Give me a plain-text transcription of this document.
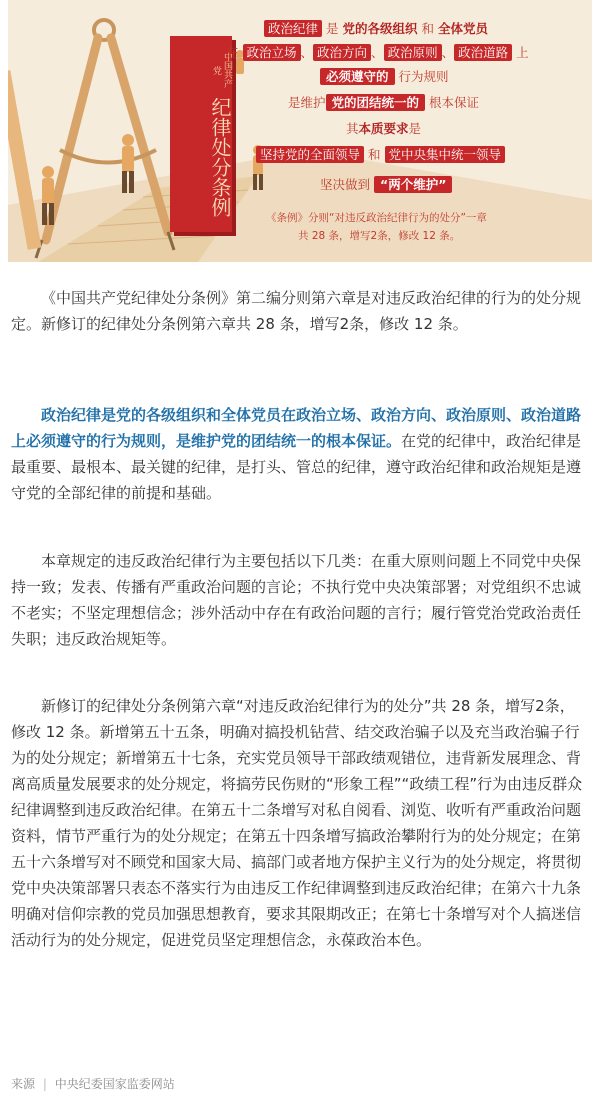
中国共产党
纪律处分条例
政治纪律 是 党的各级组织 和 全体党员
在 政治立场 、 政治方向 、 政治原则 、 政治道路 上
必须遵守的 行为规则
是维护 党的团结统一的 根本保证
其本质要求是
坚持党的全面领导 和 党中央集中统一领导
坚决做到 “两个维护”
《条例》分则“对违反政治纪律行为的处分”一章
共 28 条，增写2条，修改 12 条。

《中国共产党纪律处分条例》第二编分则第六章是对违反政治纪律的行为的处分规定。新修订的纪律处分条例第六章共 28 条，增写2条，修改 12 条。

政治纪律是党的各级组织和全体党员在政治立场、政治方向、政治原则、政治道路上必须遵守的行为规则，是维护党的团结统一的根本保证。在党的纪律中，政治纪律是最重要、最根本、最关键的纪律，是打头、管总的纪律，遵守政治纪律和政治规矩是遵守党的全部纪律的前提和基础。

本章规定的违反政治纪律行为主要包括以下几类：在重大原则问题上不同党中央保持一致；发表、传播有严重政治问题的言论；不执行党中央决策部署；对党组织不忠诚不老实；不坚定理想信念；涉外活动中存在有政治问题的言行；履行管党治党政治责任失职；违反政治规矩等。

新修订的纪律处分条例第六章“对违反政治纪律行为的处分”共 28 条，增写2条，修改 12 条。新增第五十五条，明确对搞投机钻营、结交政治骗子以及充当政治骗子行为的处分规定；新增第五十七条，充实党员领导干部政绩观错位，违背新发展理念、背离高质量发展要求的处分规定，将搞劳民伤财的“形象工程”“政绩工程”行为由违反群众纪律调整到违反政治纪律。在第五十二条增写对私自阅看、浏览、收听有严重政治问题资料，情节严重行为的处分规定；在第五十四条增写搞政治攀附行为的处分规定；在第五十六条增写对不顾党和国家大局、搞部门或者地方保护主义行为的处分规定，将贯彻党中央决策部署只表态不落实行为由违反工作纪律调整到违反政治纪律；在第六十九条明确对信仰宗教的党员加强思想教育，要求其限期改正；在第七十条增写对个人搞迷信活动行为的处分规定，促进党员坚定理想信念，永葆政治本色。

来源 | 中央纪委国家监委网站
